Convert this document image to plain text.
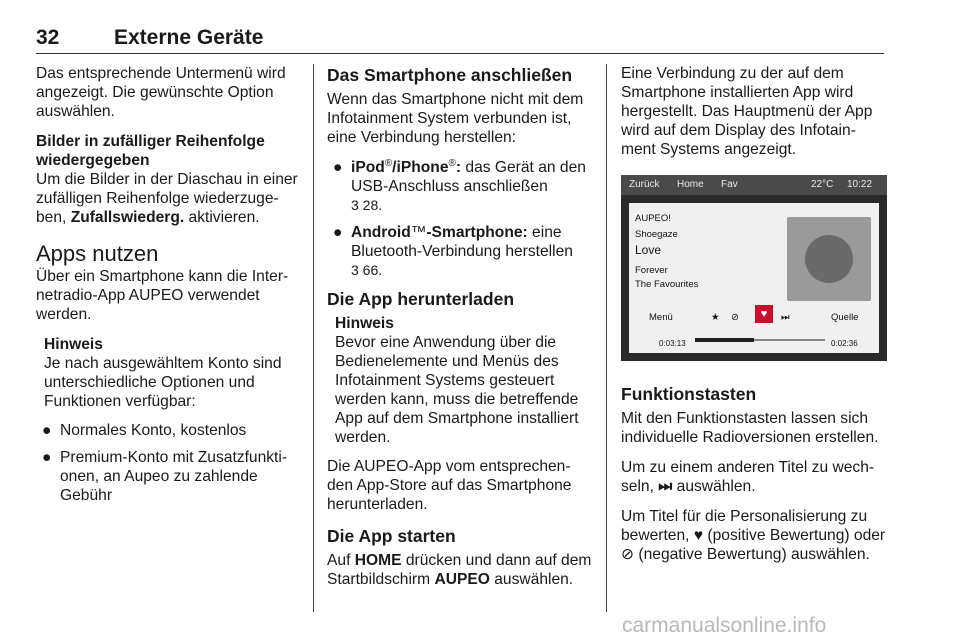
32	Externe Geräte

Das entsprechende Untermenü wird angezeigt. Die gewünschte Option auswählen.

Bilder in zufälliger Reihenfolge wiedergegeben

Um die Bilder in der Diaschau in einer zufälligen Reihenfolge wiederzuge-ben, Zufallswiederg. aktivieren.

Apps nutzen

Über ein Smartphone kann die Inter-netradio-App AUPEO verwendet werden.

Hinweis
Je nach ausgewähltem Konto sind unterschiedliche Optionen und Funktionen verfügbar:
● Normales Konto, kostenlos
● Premium-Konto mit Zusatzfunkti-onen, an Aupeo zu zahlende Gebühr
Das Smartphone anschließen

Wenn das Smartphone nicht mit dem Infotainment System verbunden ist, eine Verbindung herstellen:

● iPod®/iPhone®: das Gerät an den USB-Anschluss anschließen
3 28.
● Android™-Smartphone: eine Bluetooth-Verbindung herstellen
3 66.
Die App herunterladen
Hinweis
Bevor eine Anwendung über die Bedienelemente und Menüs des Infotainment Systems gesteuert werden kann, muss die betreffende App auf dem Smartphone installiert werden.

Die AUPEO-App vom entsprechen-den App-Store auf das Smartphone herunterladen.

Die App starten

Auf HOME drücken und dann auf dem Startbildschirm AUPEO auswählen.

Eine Verbindung zu der auf dem Smartphone installierten App wird hergestellt. Das Hauptmenü der App wird auf dem Display des Infotain-ment Systems angezeigt.

Zurück Home Fav	22°C 10:22
AUPEO!
Shoegaze
Love
Forever
The Favourites
Menü	★ ⊘	♥	⏭	Quelle
0:03:13	0:02:36
Funktionstasten

Mit den Funktionstasten lassen sich individuelle Radioversionen erstellen.

Um zu einem anderen Titel zu wech-seln, ⏭ auswählen.

Um Titel für die Personalisierung zu bewerten, ♥ (positive Bewertung) oder ⊘ (negative Bewertung) auswählen.

carmanualsonline.info
